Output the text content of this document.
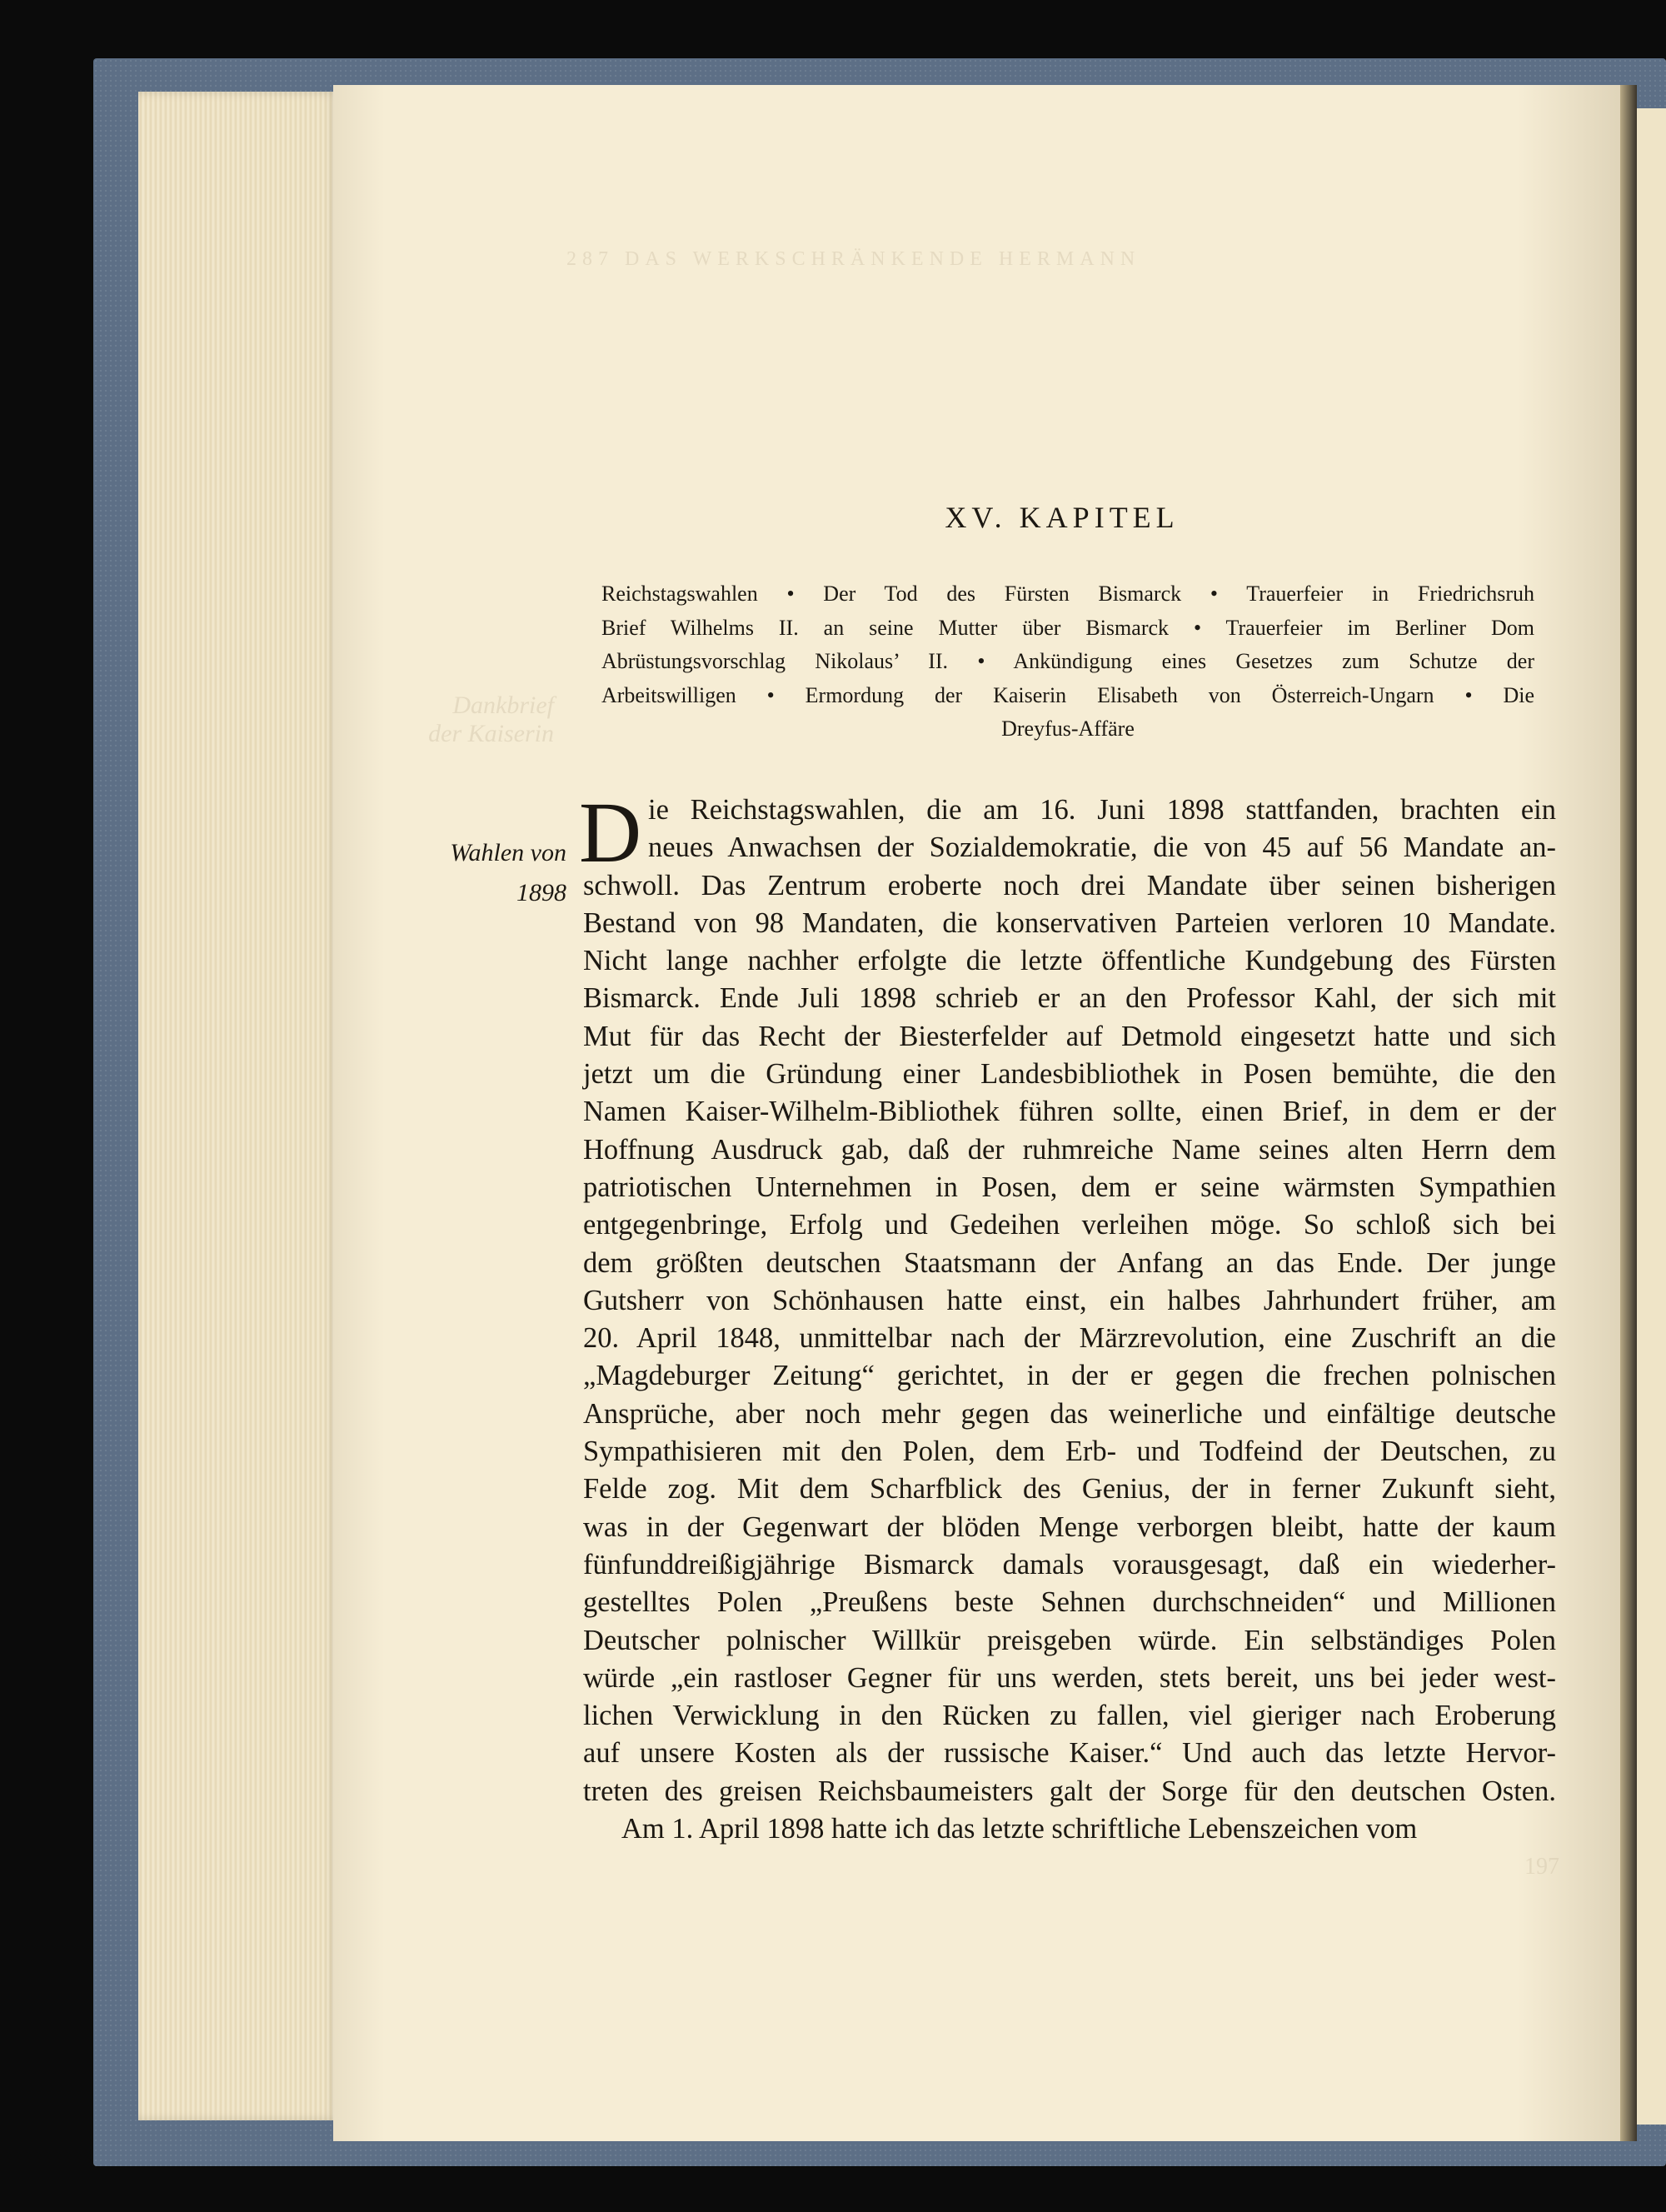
287 DAS WERKSCHRÄNKENDE HERMANN
Dankbrief der Kaiserin
197
XV. KAPITEL
Reichstagswahlen • Der Tod des Fürsten Bismarck • Trauerfeier in Friedrichsruh
Brief Wilhelms II. an seine Mutter über Bismarck • Trauerfeier im Berliner Dom
Abrüstungsvorschlag Nikolaus’ II. • Ankündigung eines Gesetzes zum Schutze der
Arbeitswilligen • Ermordung der Kaiserin Elisabeth von Österreich-Ungarn • Die
Dreyfus-Affäre
Wahlen von
1898
D ie Reichstagswahlen, die am 16. Juni 1898 stattfanden, brachten ein
neues Anwachsen der Sozialdemokratie, die von 45 auf 56 Mandate an-
schwoll. Das Zentrum eroberte noch drei Mandate über seinen bisherigen
Bestand von 98 Mandaten, die konservativen Parteien verloren 10 Mandate.
Nicht lange nachher erfolgte die letzte öffentliche Kundgebung des Fürsten
Bismarck. Ende Juli 1898 schrieb er an den Professor Kahl, der sich mit
Mut für das Recht der Biesterfelder auf Detmold eingesetzt hatte und sich
jetzt um die Gründung einer Landesbibliothek in Posen bemühte, die den
Namen Kaiser-Wilhelm-Bibliothek führen sollte, einen Brief, in dem er der
Hoffnung Ausdruck gab, daß der ruhmreiche Name seines alten Herrn dem
patriotischen Unternehmen in Posen, dem er seine wärmsten Sympathien
entgegenbringe, Erfolg und Gedeihen verleihen möge. So schloß sich bei
dem größten deutschen Staatsmann der Anfang an das Ende. Der junge
Gutsherr von Schönhausen hatte einst, ein halbes Jahrhundert früher, am
20. April 1848, unmittelbar nach der Märzrevolution, eine Zuschrift an die
„Magdeburger Zeitung“ gerichtet, in der er gegen die frechen polnischen
Ansprüche, aber noch mehr gegen das weinerliche und einfältige deutsche
Sympathisieren mit den Polen, dem Erb- und Todfeind der Deutschen, zu
Felde zog. Mit dem Scharfblick des Genius, der in ferner Zukunft sieht,
was in der Gegenwart der blöden Menge verborgen bleibt, hatte der kaum
fünfunddreißigjährige Bismarck damals vorausgesagt, daß ein wiederher-
gestelltes Polen „Preußens beste Sehnen durchschneiden“ und Millionen
Deutscher polnischer Willkür preisgeben würde. Ein selbständiges Polen
würde „ein rastloser Gegner für uns werden, stets bereit, uns bei jeder west-
lichen Verwicklung in den Rücken zu fallen, viel gieriger nach Eroberung
auf unsere Kosten als der russische Kaiser.“ Und auch das letzte Hervor-
treten des greisen Reichsbaumeisters galt der Sorge für den deutschen Osten.
Am 1. April 1898 hatte ich das letzte schriftliche Lebenszeichen vom
